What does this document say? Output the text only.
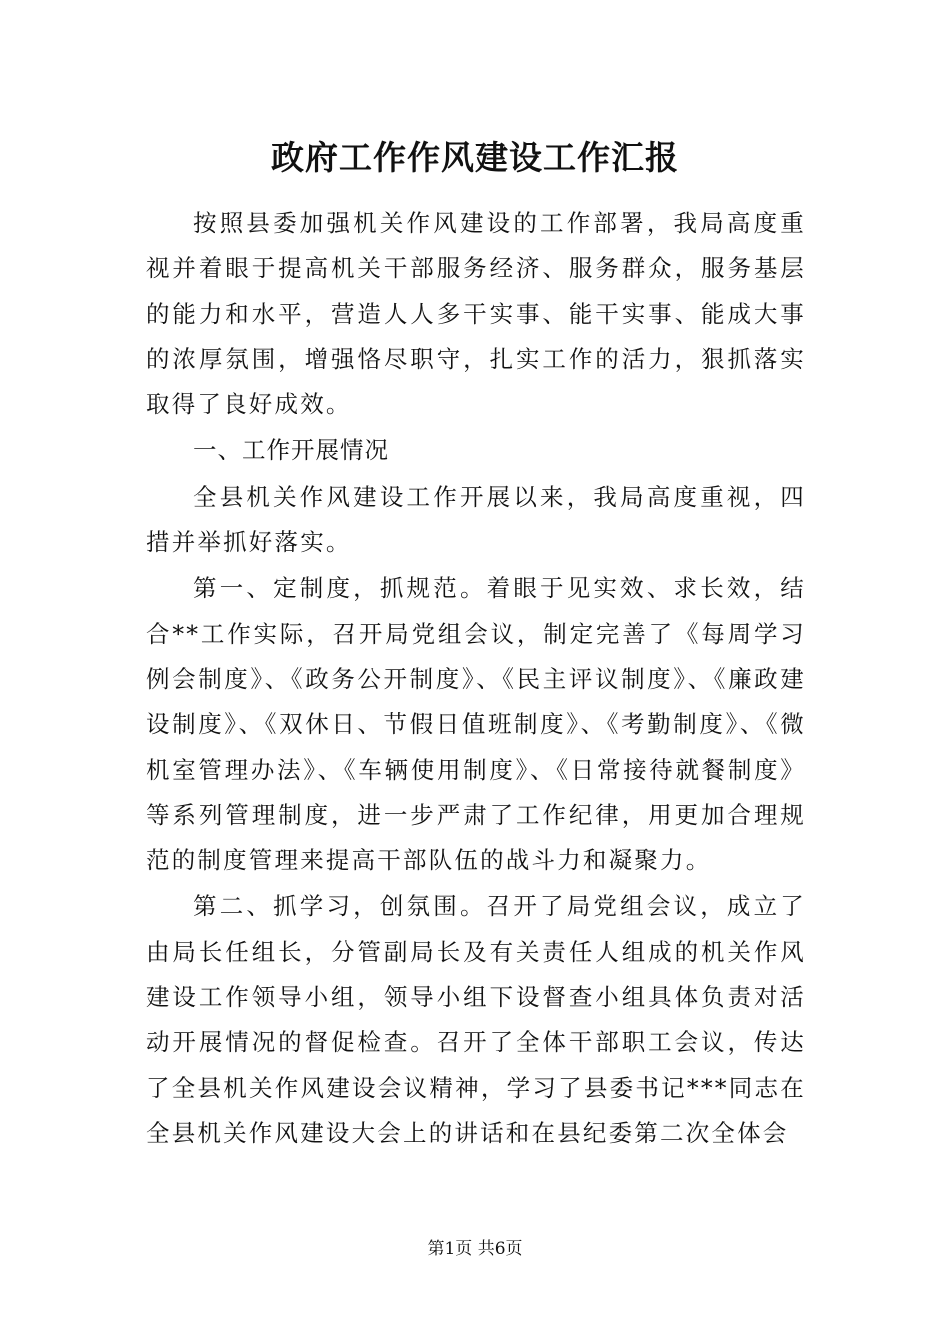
政府工作作风建设工作汇报

按照县委加强机关作风建设的工作部署，我局高度重视并着眼于提高机关干部服务经济、服务群众，服务基层的能力和水平，营造人人多干实事、能干实事、能成大事的浓厚氛围，增强恪尽职守，扎实工作的活力，狠抓落实取得了良好成效。

一、工作开展情况

全县机关作风建设工作开展以来，我局高度重视，四措并举抓好落实。

第一、定制度，抓规范。着眼于见实效、求长效，结合**工作实际，召开局党组会议，制定完善了《每周学习例会制度》、《政务公开制度》、《民主评议制度》、《廉政建设制度》、《双休日、节假日值班制度》、《考勤制度》、《微机室管理办法》、《车辆使用制度》、《日常接待就餐制度》等系列管理制度，进一步严肃了工作纪律，用更加合理规范的制度管理来提高干部队伍的战斗力和凝聚力。

第二、抓学习，创氛围。召开了局党组会议，成立了由局长任组长，分管副局长及有关责任人组成的机关作风建设工作领导小组，领导小组下设督查小组具体负责对活动开展情况的督促检查。召开了全体干部职工会议，传达了全县机关作风建设会议精神，学习了县委书记***同志在全县机关作风建设大会上的讲话和在县纪委第二次全体会

第1页 共6页
